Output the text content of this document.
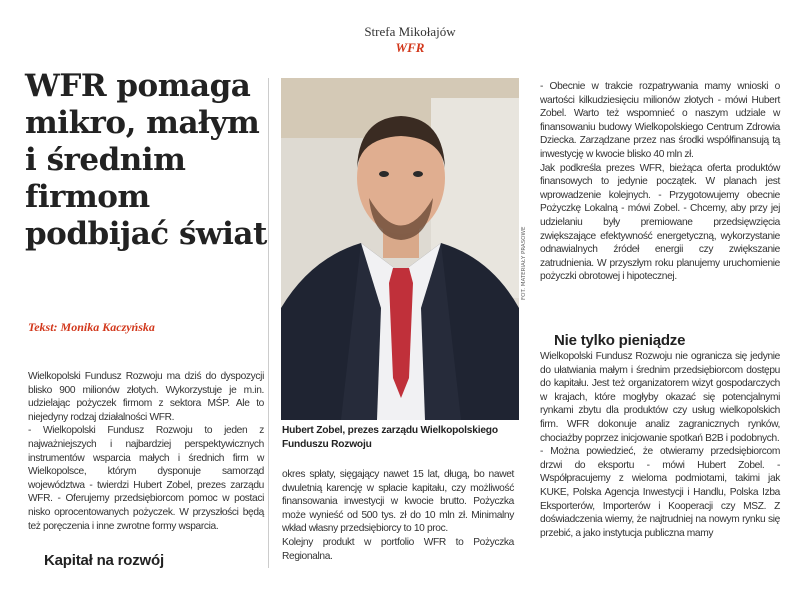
Strefa Mikołajów
WFR
WFR pomaga mikro, małym i średnim firmom podbijać świat
Tekst: Monika Kaczyńska

Wielkopolski Fundusz Rozwoju ma dziś do dyspozycji blisko 900 milionów złotych. Wykorzystuje je m.in. udzielając pożyczek firmom z sektora MŚP. Ale to niejedyny rodzaj działalności WFR.

- Wielkopolski Fundusz Rozwoju to jeden z najważniejszych i najbardziej perspektywicznych instrumentów wsparcia małych i średnich firm w Wielkopolsce, którym dysponuje samorząd województwa - twierdzi Hubert Zobel, prezes zarządu WFR. - Oferujemy przedsiębiorcom pomoc w postaci nisko oprocentowanych pożyczek. W przyszłości będą też poręczenia i inne zwrotne formy wsparcia.

Kapitał na rozwój
FOT. MATERIAŁY PRASOWE
Hubert Zobel, prezes zarządu Wielkopolskiego Funduszu Rozwoju

okres spłaty, sięgający nawet 15 lat, długą, bo nawet dwuletnią karencję w spłacie kapitału, czy możliwość finansowania inwestycji w kwocie brutto. Pożyczka może wynieść od 500 tys. zł do 10 mln zł. Minimalny wkład własny przedsiębiorcy to 10 proc.

Kolejny produkt w portfolio WFR to Pożyczka Regionalna.

- Obecnie w trakcie rozpatrywania mamy wnioski o wartości kilkudziesięciu milionów złotych - mówi Hubert Zobel. Warto też wspomnieć o naszym udziale w finansowaniu budowy Wielkopolskiego Centrum Zdrowia Dziecka. Zarządzane przez nas środki współfinansują tą inwestycję w kwocie blisko 40 mln zł.

Jak podkreśla prezes WFR, bieżąca oferta produktów finansowych to jedynie początek. W planach jest wprowadzenie kolejnych. - Przygotowujemy obecnie Pożyczkę Lokalną - mówi Zobel. - Chcemy, aby przy jej udzielaniu były premiowane przedsięwzięcia zwiększające efektywność energetyczną, wykorzystanie odnawialnych źródeł energii czy zwiększanie zatrudnienia. W przyszłym roku planujemy uruchomienie pożyczki obrotowej i hipotecznej.

Nie tylko pieniądze

Wielkopolski Fundusz Rozwoju nie ogranicza się jedynie do ułatwiania małym i średnim przedsiębiorcom dostępu do kapitału. Jest też organizatorem wizyt gospodarczych w krajach, które mogłyby okazać się potencjalnymi rynkami zbytu dla produktów czy usług wielkopolskich firm. WFR dokonuje analiz zagranicznych rynków, chociażby poprzez inicjowanie spotkań B2B i podobnych.

- Można powiedzieć, że otwieramy przedsiębiorcom drzwi do eksportu - mówi Hubert Zobel. - Współpracujemy z wieloma podmiotami, takimi jak KUKE, Polska Agencja Inwestycji i Handlu, Polska Izba Eksporterów, Importerów i Kooperacji czy MSZ. Z doświadczenia wiemy, że najtrudniej na nowym rynku się przebić, a jako instytucja publiczna mamy
